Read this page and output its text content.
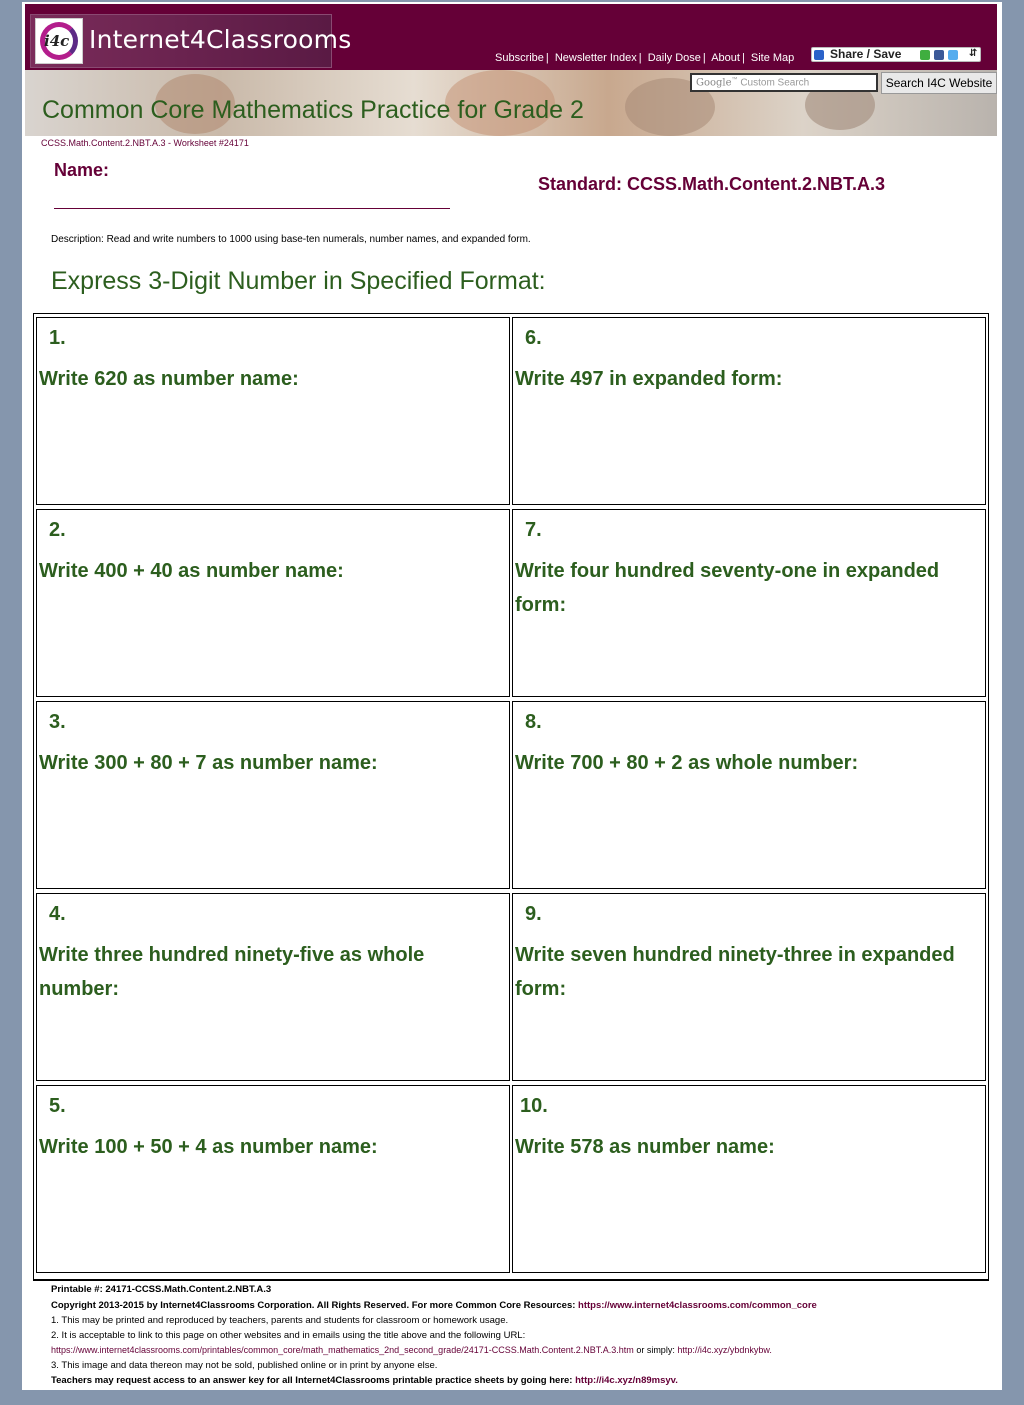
i4c Internet4Classrooms
Subscribe | Newsletter Index | Daily Dose | About | Site Map	Share / Save	⇵
Google™ Custom Search	Search I4C Website
Common Core Mathematics Practice for Grade 2
CCSS.Math.Content.2.NBT.A.3 - Worksheet #24171
Name:
Standard: CCSS.Math.Content.2.NBT.A.3
Description: Read and write numbers to 1000 using base-ten numerals, number names, and expanded form.
Express 3-Digit Number in Specified Format:
1.
Write 620 as number name:
2.
Write 400 + 40 as number name:
3.
Write 300 + 80 + 7 as number name:
4.
Write three hundred ninety-five as whole number:
5.
Write 100 + 50 + 4 as number name:
6.
Write 497 in expanded form:
7.
Write four hundred seventy-one in expanded form:
8.
Write 700 + 80 + 2 as whole number:
9.
Write seven hundred ninety-three in expanded form:
10.
Write 578 as number name:
Printable #: 24171-CCSS.Math.Content.2.NBT.A.3
Copyright 2013-2015 by Internet4Classrooms Corporation. All Rights Reserved. For more Common Core Resources: https://www.internet4classrooms.com/common_core
1. This may be printed and reproduced by teachers, parents and students for classroom or homework usage.
2. It is acceptable to link to this page on other websites and in emails using the title above and the following URL:
https://www.internet4classrooms.com/printables/common_core/math_mathematics_2nd_second_grade/24171-CCSS.Math.Content.2.NBT.A.3.htm or simply: http://i4c.xyz/ybdnkybw.
3. This image and data thereon may not be sold, published online or in print by anyone else.
Teachers may request access to an answer key for all Internet4Classrooms printable practice sheets by going here: http://i4c.xyz/n89msyv.
